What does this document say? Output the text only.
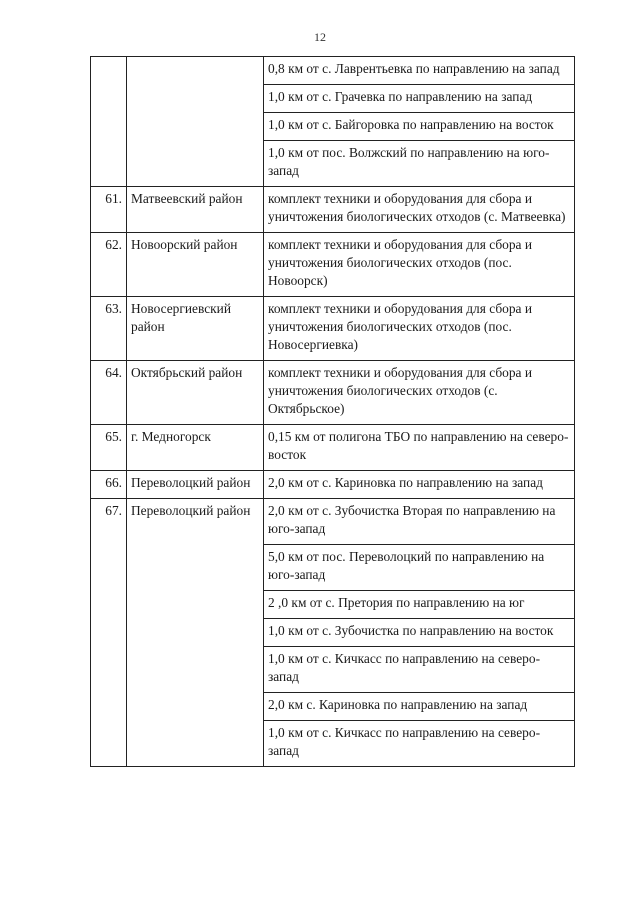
12
		0,8 км от с. Лаврентьевка по направлению на запад
		1,0 км от с. Грачевка по направлению на запад
		1,0 км от с. Байгоровка по направлению на восток
		1,0 км от пос. Волжский по направлению на юго-запад
61.	Матвеевский район	комплект техники и оборудования для сбора и уничтожения биологических отходов (с. Матвеевка)
62.	Новоорский район	комплект техники и оборудования для сбора и уничтожения биологических отходов (пос. Новоорск)
63.	Новосергиевский район	комплект техники и оборудования для сбора и уничтожения биологических отходов (пос. Новосергиевка)
64.	Октябрьский район	комплект техники и оборудования для сбора и уничтожения биологических отходов (с. Октябрьское)
65.	г. Медногорск	0,15 км от полигона ТБО по направлению на северо-восток
66.	Переволоцкий район	2,0 км от с. Кариновка по направлению на запад
67.	Переволоцкий район	2,0 км от с. Зубочистка Вторая по направлению на юго-запад
		5,0 км от пос. Переволоцкий по направлению на юго-запад
		2 ,0 км от с. Претория по направлению на юг
		1,0 км от с. Зубочистка по направлению на восток
		1,0 км от с. Кичкасс по направлению на северо-запад
		2,0 км с. Кариновка по направлению на запад
		1,0 км от с. Кичкасс по направлению на северо-запад
